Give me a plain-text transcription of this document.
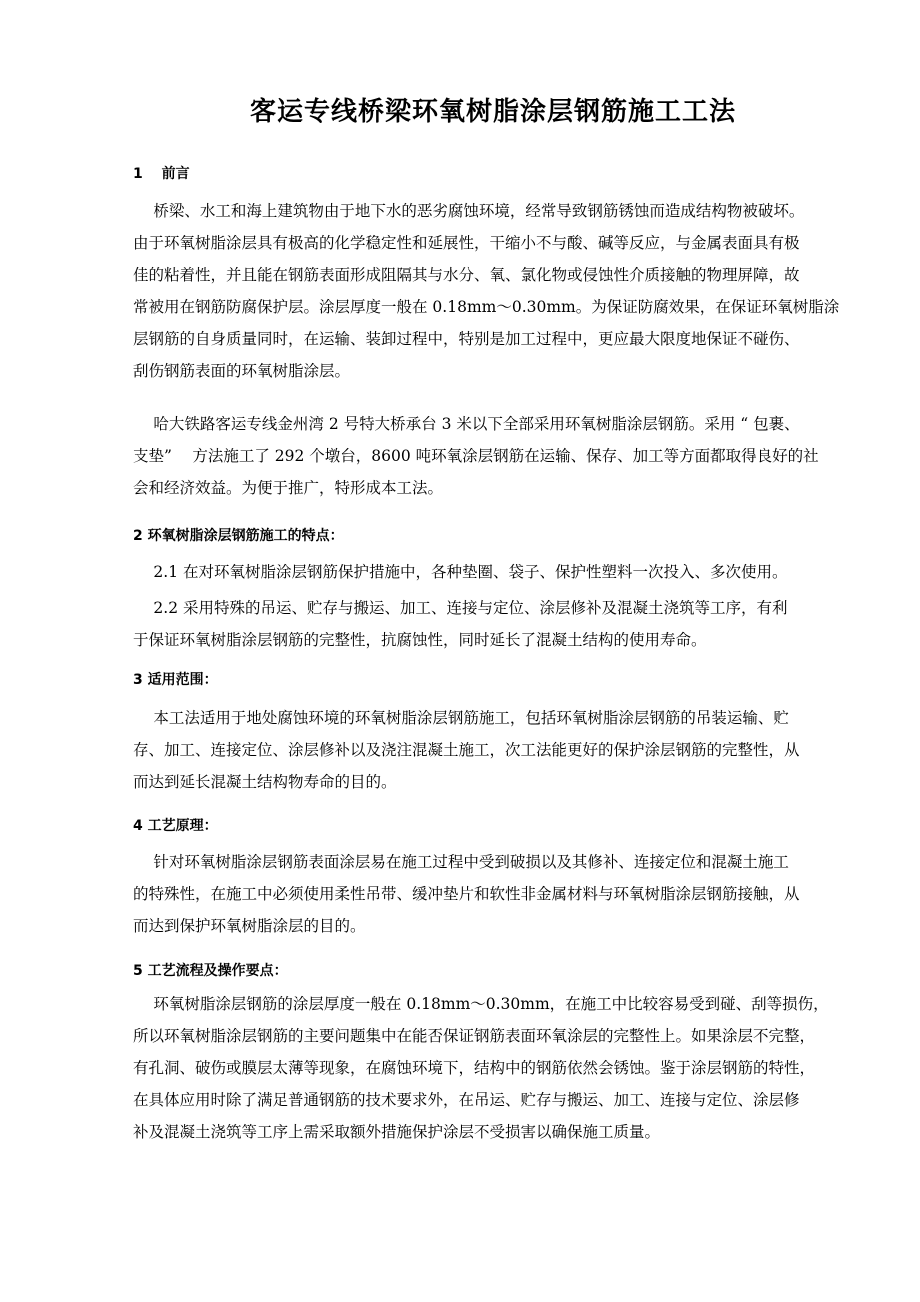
客运专线桥梁环氧树脂涂层钢筋施工工法
1　 前言
　 桥梁、水工和海上建筑物由于地下水的恶劣腐蚀环境，经常导致钢筋锈蚀而造成结构物被破坏。
由于环氧树脂涂层具有极高的化学稳定性和延展性，干缩小不与酸、碱等反应，与金属表面具有极
佳的粘着性，并且能在钢筋表面形成阻隔其与水分、氧、氯化物或侵蚀性介质接触的物理屏障，故
常被用在钢筋防腐保护层。涂层厚度一般在 0.18mm～0.30mm。为保证防腐效果，在保证环氧树脂涂
层钢筋的自身质量同时，在运输、装卸过程中，特别是加工过程中，更应最大限度地保证不碰伤、
刮伤钢筋表面的环氧树脂涂层。
　 哈大铁路客运专线金州湾 2 号特大桥承台 3 米以下全部采用环氧树脂涂层钢筋。采用 “ 包裹、
支垫”　 方法施工了 292 个墩台，8600 吨环氧涂层钢筋在运输、保存、加工等方面都取得良好的社
会和经济效益。为便于推广，特形成本工法。
2 环氧树脂涂层钢筋施工的特点：
　 2.1 在对环氧树脂涂层钢筋保护措施中，各种垫圈、袋子、保护性塑料一次投入、多次使用。
　 2.2 采用特殊的吊运、贮存与搬运、加工、连接与定位、涂层修补及混凝土浇筑等工序，有利
于保证环氧树脂涂层钢筋的完整性，抗腐蚀性，同时延长了混凝土结构的使用寿命。
3 适用范围：
　 本工法适用于地处腐蚀环境的环氧树脂涂层钢筋施工，包括环氧树脂涂层钢筋的吊装运输、贮
存、加工、连接定位、涂层修补以及浇注混凝土施工，次工法能更好的保护涂层钢筋的完整性，从
而达到延长混凝土结构物寿命的目的。
4 工艺原理：
　 针对环氧树脂涂层钢筋表面涂层易在施工过程中受到破损以及其修补、连接定位和混凝土施工
的特殊性，在施工中必须使用柔性吊带、缓冲垫片和软性非金属材料与环氧树脂涂层钢筋接触，从
而达到保护环氧树脂涂层的目的。
5 工艺流程及操作要点：
　 环氧树脂涂层钢筋的涂层厚度一般在 0.18mm～0.30mm，在施工中比较容易受到碰、刮等损伤，
所以环氧树脂涂层钢筋的主要问题集中在能否保证钢筋表面环氧涂层的完整性上。如果涂层不完整，
有孔洞、破伤或膜层太薄等现象，在腐蚀环境下，结构中的钢筋依然会锈蚀。鉴于涂层钢筋的特性，
在具体应用时除了满足普通钢筋的技术要求外，在吊运、贮存与搬运、加工、连接与定位、涂层修
补及混凝土浇筑等工序上需采取额外措施保护涂层不受损害以确保施工质量。
